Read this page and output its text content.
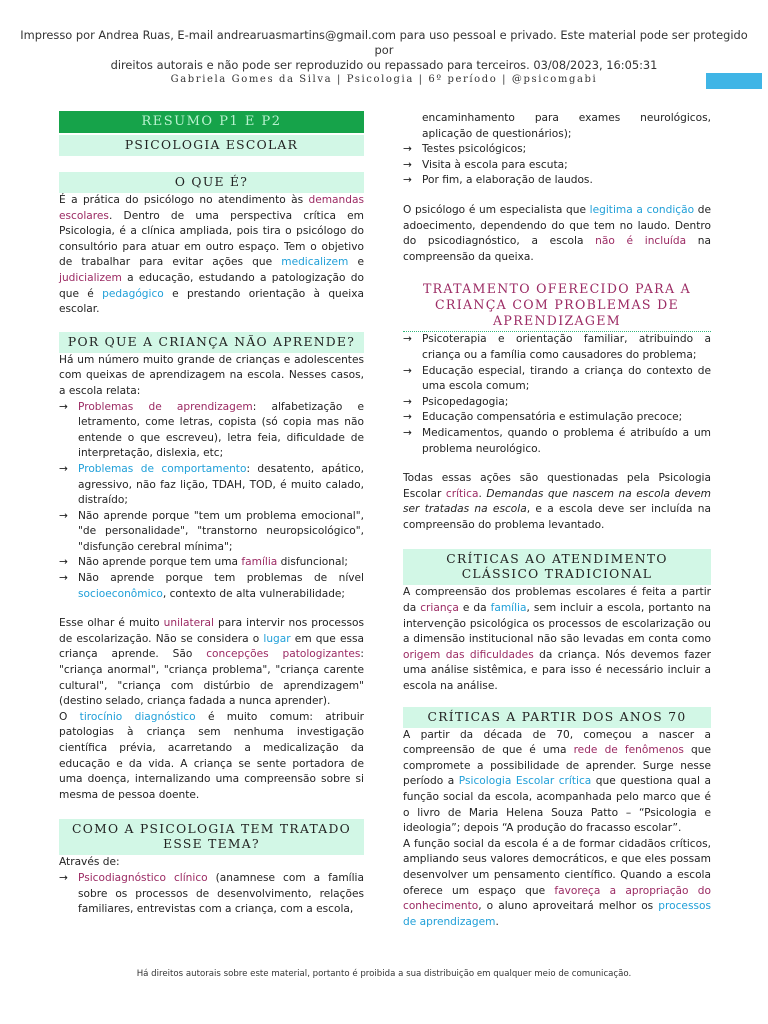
Impresso por Andrea Ruas, E-mail andrearuasmartins@gmail.com para uso pessoal e privado. Este material pode ser protegido por
direitos autorais e não pode ser reproduzido ou repassado para terceiros. 03/08/2023, 16:05:31
Gabriela Gomes da Silva | Psicologia | 6º período | @psicomgabi
RESUMO P1 E P2
PSICOLOGIA ESCOLAR
O QUE É?

É a prática do psicólogo no atendimento às demandas escolares. Dentro de uma perspectiva crítica em Psicologia, é a clínica ampliada, pois tira o psicólogo do consultório para atuar em outro espaço. Tem o objetivo de trabalhar para evitar ações que medicalizem e judicializem a educação, estudando a patologização do que é pedagógico e prestando orientação à queixa escolar.

POR QUE A CRIANÇA NÃO APRENDE?

Há um número muito grande de crianças e adolescentes com queixas de aprendizagem na escola. Nesses casos, a escola relata:

→ Problemas de aprendizagem: alfabetização e letramento, come letras, copista (só copia mas não entende o que escreveu), letra feia, dificuldade de interpretação, dislexia, etc;
→ Problemas de comportamento: desatento, apático, agressivo, não faz lição, TDAH, TOD, é muito calado, distraído;
→ Não aprende porque "tem um problema emocional", "de personalidade", "transtorno neuropsicológico", "disfunção cerebral mínima";
→ Não aprende porque tem uma família disfuncional;
→ Não aprende porque tem problemas de nível socioeconômico, contexto de alta vulnerabilidade;

Esse olhar é muito unilateral para intervir nos processos de escolarização. Não se considera o lugar em que essa criança aprende. São concepções patologizantes: "criança anormal", "criança problema", "criança carente cultural", "criança com distúrbio de aprendizagem" (destino selado, criança fadada a nunca aprender).

O tirocínio diagnóstico é muito comum: atribuir patologias à criança sem nenhuma investigação científica prévia, acarretando a medicalização da educação e da vida. A criança se sente portadora de uma doença, internalizando uma compreensão sobre si mesma de pessoa doente.

COMO A PSICOLOGIA TEM TRATADO ESSE TEMA?

Através de:

→ Psicodiagnóstico clínico (anamnese com a família sobre os processos de desenvolvimento, relações familiares, entrevistas com a criança, com a escola,
encaminhamento para exames neurológicos, aplicação de questionários);
→ Testes psicológicos;
→ Visita à escola para escuta;
→ Por fim, a elaboração de laudos.

O psicólogo é um especialista que legitima a condição de adoecimento, dependendo do que tem no laudo. Dentro do psicodiagnóstico, a escola não é incluída na compreensão da queixa.

TRATAMENTO OFERECIDO PARA A CRIANÇA COM PROBLEMAS DE APRENDIZAGEM
→ Psicoterapia e orientação familiar, atribuindo a criança ou a família como causadores do problema;
→ Educação especial, tirando a criança do contexto de uma escola comum;
→ Psicopedagogia;
→ Educação compensatória e estimulação precoce;
→ Medicamentos, quando o problema é atribuído a um problema neurológico.

Todas essas ações são questionadas pela Psicologia Escolar crítica. Demandas que nascem na escola devem ser tratadas na escola, e a escola deve ser incluída na compreensão do problema levantado.

CRÍTICAS AO ATENDIMENTO CLÁSSICO TRADICIONAL

A compreensão dos problemas escolares é feita a partir da criança e da família, sem incluir a escola, portanto na intervenção psicológica os processos de escolarização ou a dimensão institucional não são levadas em conta como origem das dificuldades da criança. Nós devemos fazer uma análise sistêmica, e para isso é necessário incluir a escola na análise.

CRÍTICAS A PARTIR DOS ANOS 70

A partir da década de 70, começou a nascer a compreensão de que é uma rede de fenômenos que compromete a possibilidade de aprender. Surge nesse período a Psicologia Escolar crítica que questiona qual a função social da escola, acompanhada pelo marco que é o livro de Maria Helena Souza Patto – “Psicologia e ideologia”; depois “A produção do fracasso escolar”.

A função social da escola é a de formar cidadãos críticos, ampliando seus valores democráticos, e que eles possam desenvolver um pensamento científico. Quando a escola oferece um espaço que favoreça a apropriação do conhecimento, o aluno aproveitará melhor os processos de aprendizagem.

Há direitos autorais sobre este material, portanto é proibida a sua distribuição em qualquer meio de comunicação.
